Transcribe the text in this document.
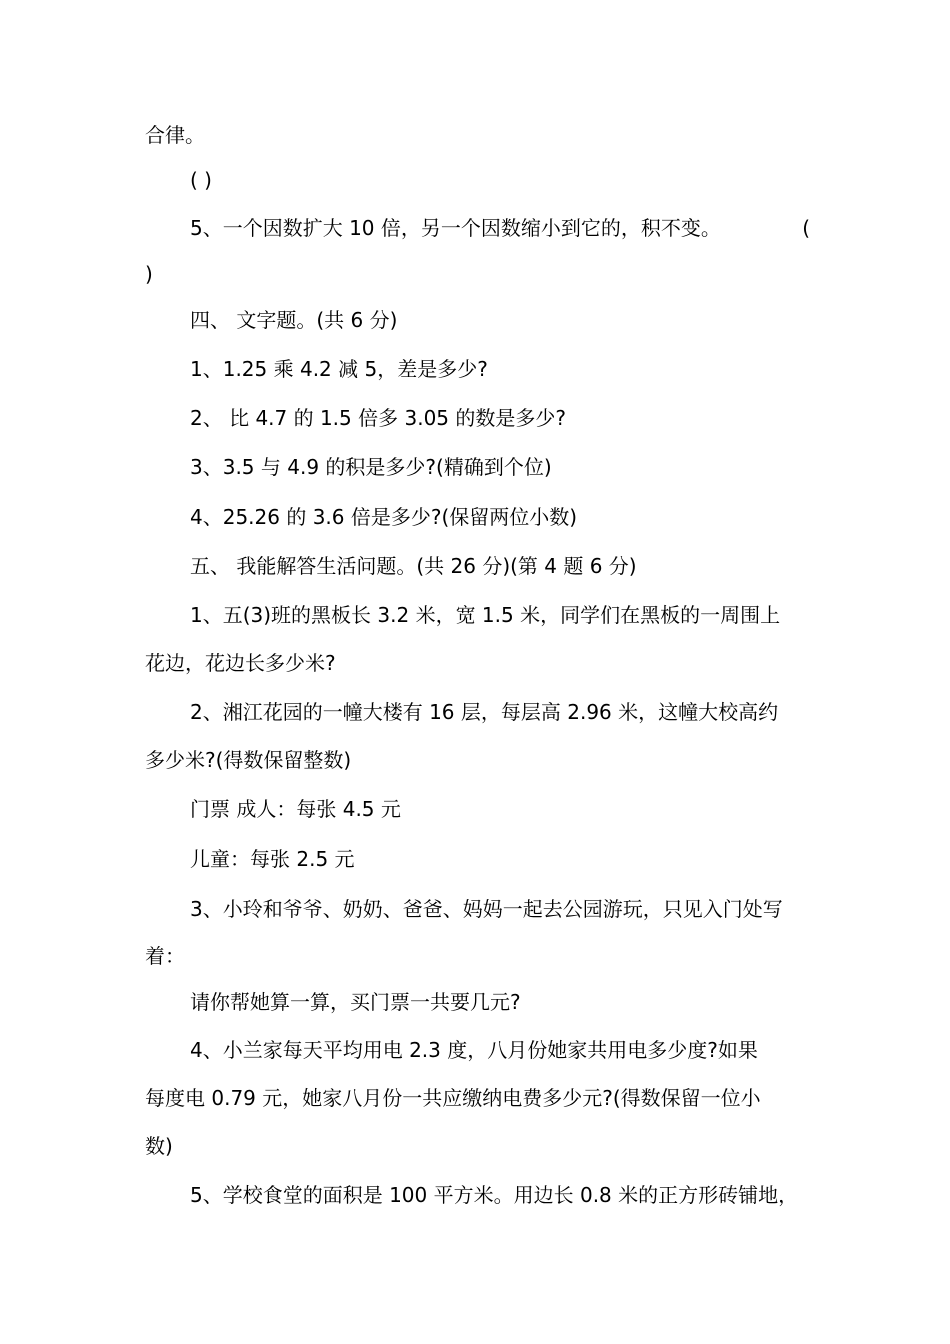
合律。
( )
5、一个因数扩大 10 倍，另一个因数缩小到它的，积不变。	(
)
四、 文字题。(共 6 分)
1、1.25 乘 4.2 减 5，差是多少?
2、 比 4.7 的 1.5 倍多 3.05 的数是多少?
3、3.5 与 4.9 的积是多少?(精确到个位)
4、25.26 的 3.6 倍是多少?(保留两位小数)
五、 我能解答生活问题。(共 26 分)(第 4 题 6 分)
1、五(3)班的黑板长 3.2 米，宽 1.5 米，同学们在黑板的一周围上
花边，花边长多少米?
2、湘江花园的一幢大楼有 16 层，每层高 2.96 米，这幢大校高约
多少米?(得数保留整数)
门票 成人：每张 4.5 元
儿童：每张 2.5 元
3、小玲和爷爷、奶奶、爸爸、妈妈一起去公园游玩，只见入门处写
着：
请你帮她算一算，买门票一共要几元?
4、小兰家每天平均用电 2.3 度，八月份她家共用电多少度?如果
每度电 0.79 元，她家八月份一共应缴纳电费多少元?(得数保留一位小
数)
5、学校食堂的面积是 100 平方米。用边长 0.8 米的正方形砖铺地，
